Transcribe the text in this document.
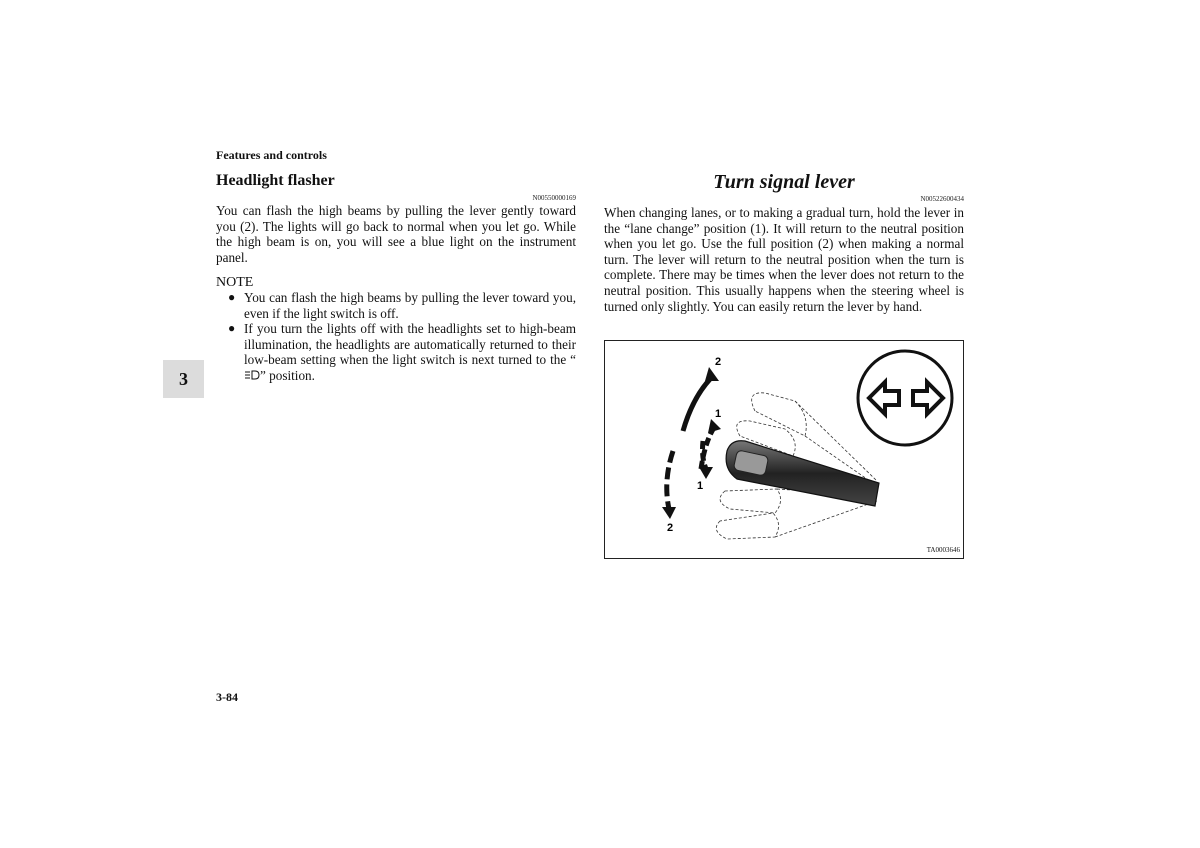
Features and controls
Headlight flasher
N00550000169
You can flash the high beams by pulling the lever gently toward you (2). The lights will go back to normal when you let go. While the high beam is on, you will see a blue light on the instrument panel.
NOTE
● You can flash the high beams by pulling the lever toward you, even if the light switch is off.
● If you turn the lights off with the headlights set to high-beam illumination, the headlights are automatically returned to their low-beam setting when the light switch is next turned to the “” position.
3
Turn signal lever
N00522600434
When changing lanes, or to making a gradual turn, hold the lever in the “lane change” position (1). It will return to the neutral position when you let go. Use the full position (2) when making a normal turn. The lever will return to the neutral position when the turn is complete. There may be times when the lever does not return to the neutral position. This usually happens when the steering wheel is turned only slightly. You can easily return the lever by hand.
2
1
1
2
TA0003646
3-84
